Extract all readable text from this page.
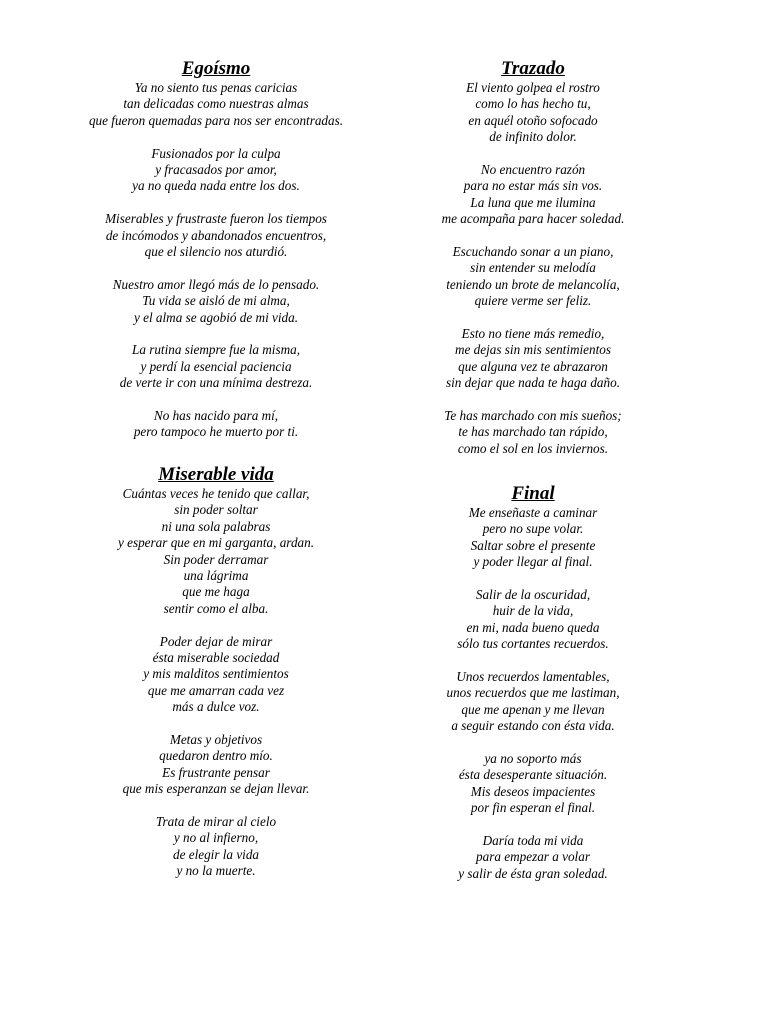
Egoísmo
Ya no siento tus penas caricias
tan delicadas como nuestras almas
que fueron quemadas para nos ser encontradas.
Fusionados por la culpa
y fracasados por amor,
ya no queda nada entre los dos.
Miserables y frustraste fueron los tiempos
de incómodos y abandonados encuentros,
que el silencio nos aturdió.
Nuestro amor llegó más de lo pensado.
Tu vida se aisló de mi alma,
y el alma se agobió de mi vida.
La rutina siempre fue la misma,
y perdí la esencial paciencia
de verte ir con una mínima destreza.
No has nacido para mí,
pero tampoco he muerto por ti.
Trazado
El viento golpea el rostro
como lo has hecho tu,
en aquél otoño sofocado
de infinito dolor.
No encuentro razón
para no estar más sin vos.
La luna que me ilumina
me acompaña para hacer soledad.
Escuchando sonar a un piano,
sin entender su melodía
teniendo un brote de melancolía,
quiere verme ser feliz.
Esto no tiene más remedio,
me dejas sin mis sentimientos
que alguna vez te abrazaron
sin dejar que nada te haga daño.
Te has marchado con mis sueños;
te has marchado tan rápido,
como el sol en los inviernos.
Miserable vida
Cuántas veces he tenido que callar,
sin poder soltar
ni una sola palabras
y esperar que en mi garganta, ardan.
Sin poder derramar
una lágrima
que me haga
sentir como el alba.
Poder dejar de mirar
ésta miserable sociedad
y mis malditos sentimientos
que me amarran cada vez
más a dulce voz.
Metas y objetivos
quedaron dentro mío.
Es frustrante pensar
que mis esperanzan se dejan llevar.
Trata de mirar al cielo
y no al infierno,
de elegir la vida
y no la muerte.
Final
Me enseñaste a caminar
pero no supe volar.
Saltar sobre el presente
y poder llegar al final.
Salir de la oscuridad,
huir de la vida,
en mi, nada bueno queda
sólo tus cortantes recuerdos.
Unos recuerdos lamentables,
unos recuerdos que me lastiman,
que me apenan y me llevan
a seguir estando con ésta vida.
ya no soporto más
ésta desesperante situación.
Mis deseos impacientes
por fin esperan el final.
Daría toda mi vida
para empezar a volar
y salir de ésta gran soledad.
